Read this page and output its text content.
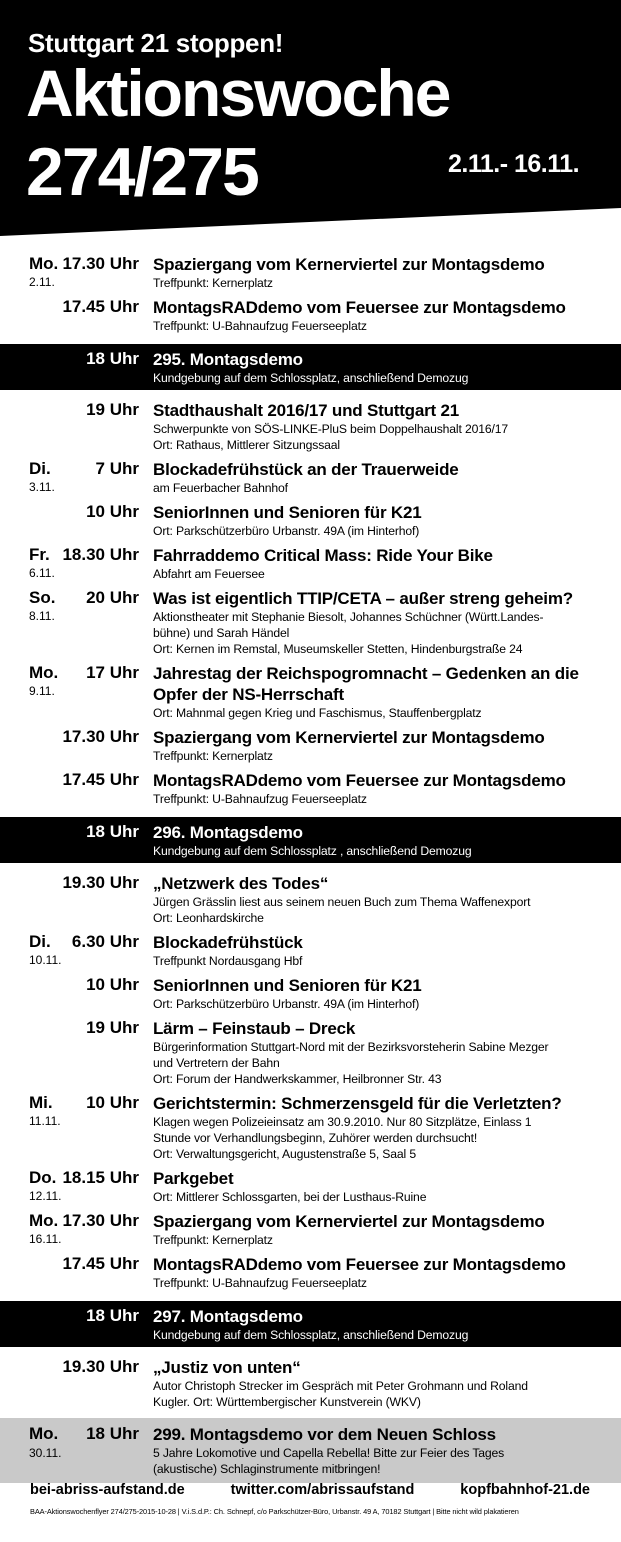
Stuttgart 21 stoppen!
Aktionswoche
274/275	2.11.- 16.11.
Mo.
2.11.
17.30 Uhr Spaziergang vom Kernerviertel zur Montagsdemo
Treffpunkt: Kernerplatz
17.45 Uhr MontagsRADdemo vom Feuersee zur Montagsdemo
Treffpunkt: U-Bahnaufzug Feuerseeplatz
18 Uhr 295. Montagsdemo
Kundgebung auf dem Schlossplatz, anschließend Demozug
19 Uhr Stadthaushalt 2016/17 und Stuttgart 21
Schwerpunkte von SÖS-LINKE-PluS beim Doppelhaushalt 2016/17
Ort: Rathaus, Mittlerer Sitzungssaal
Di.
3.11.
7 Uhr Blockadefrühstück an der Trauerweide
am Feuerbacher Bahnhof
10 Uhr SeniorInnen und Senioren für K21
Ort: Parkschützerbüro Urbanstr. 49A (im Hinterhof)
Fr.
6.11.
18.30 Uhr Fahrraddemo Critical Mass: Ride Your Bike
Abfahrt am Feuersee
So.
8.11.
20 Uhr Was ist eigentlich TTIP/CETA – außer streng geheim?
Aktionstheater mit Stephanie Biesolt, Johannes Schüchner (Württ.Landes-
bühne) und Sarah Händel
Ort: Kernen im Remstal, Museumskeller Stetten, Hindenburgstraße 24
Mo.
9.11.
17 Uhr Jahrestag der Reichspogromnacht – Gedenken an die Opfer der NS-Herrschaft
Ort: Mahnmal gegen Krieg und Faschismus, Stauffenbergplatz
17.30 Uhr Spaziergang vom Kernerviertel zur Montagsdemo
Treffpunkt: Kernerplatz
17.45 Uhr MontagsRADdemo vom Feuersee zur Montagsdemo
Treffpunkt: U-Bahnaufzug Feuerseeplatz
18 Uhr 296. Montagsdemo
Kundgebung auf dem Schlossplatz , anschließend Demozug
19.30 Uhr „Netzwerk des Todes“
Jürgen Grässlin liest aus seinem neuen Buch zum Thema Waffenexport
Ort: Leonhardskirche
Di.
10.11.
6.30 Uhr Blockadefrühstück
Treffpunkt Nordausgang Hbf
10 Uhr SeniorInnen und Senioren für K21
Ort: Parkschützerbüro Urbanstr. 49A (im Hinterhof)
19 Uhr Lärm – Feinstaub – Dreck
Bürgerinformation Stuttgart-Nord mit der Bezirksvorsteherin Sabine Mezger
und Vertretern der Bahn
Ort: Forum der Handwerkskammer, Heilbronner Str. 43
Mi.
11.11.
10 Uhr Gerichtstermin: Schmerzensgeld für die Verletzten?
Klagen wegen Polizeieinsatz am 30.9.2010. Nur 80 Sitzplätze, Einlass 1
Stunde vor Verhandlungsbeginn, Zuhörer werden durchsucht!
Ort: Verwaltungsgericht, Augustenstraße 5, Saal 5
Do.
12.11.
18.15 Uhr Parkgebet
Ort: Mittlerer Schlossgarten, bei der Lusthaus-Ruine
Mo.
16.11.
17.30 Uhr Spaziergang vom Kernerviertel zur Montagsdemo
Treffpunkt: Kernerplatz
17.45 Uhr MontagsRADdemo vom Feuersee zur Montagsdemo
Treffpunkt: U-Bahnaufzug Feuerseeplatz
18 Uhr 297. Montagsdemo
Kundgebung auf dem Schlossplatz, anschließend Demozug
19.30 Uhr „Justiz von unten“
Autor Christoph Strecker im Gespräch mit Peter Grohmann und Roland
Kugler. Ort: Württembergischer Kunstverein (WKV)
Mo.
30.11.
18 Uhr 299. Montagsdemo vor dem Neuen Schloss
5 Jahre Lokomotive und Capella Rebella! Bitte zur Feier des Tages
(akustische) Schlaginstrumente mitbringen!
bei-abriss-aufstand.de	twitter.com/abrissaufstand	kopfbahnhof-21.de
BAA-Aktionswochenflyer 274/275-2015-10-28 | V.i.S.d.P.: Ch. Schnepf, c/o Parkschützer-Büro, Urbanstr. 49 A, 70182 Stuttgart | Bitte nicht wild plakatieren
